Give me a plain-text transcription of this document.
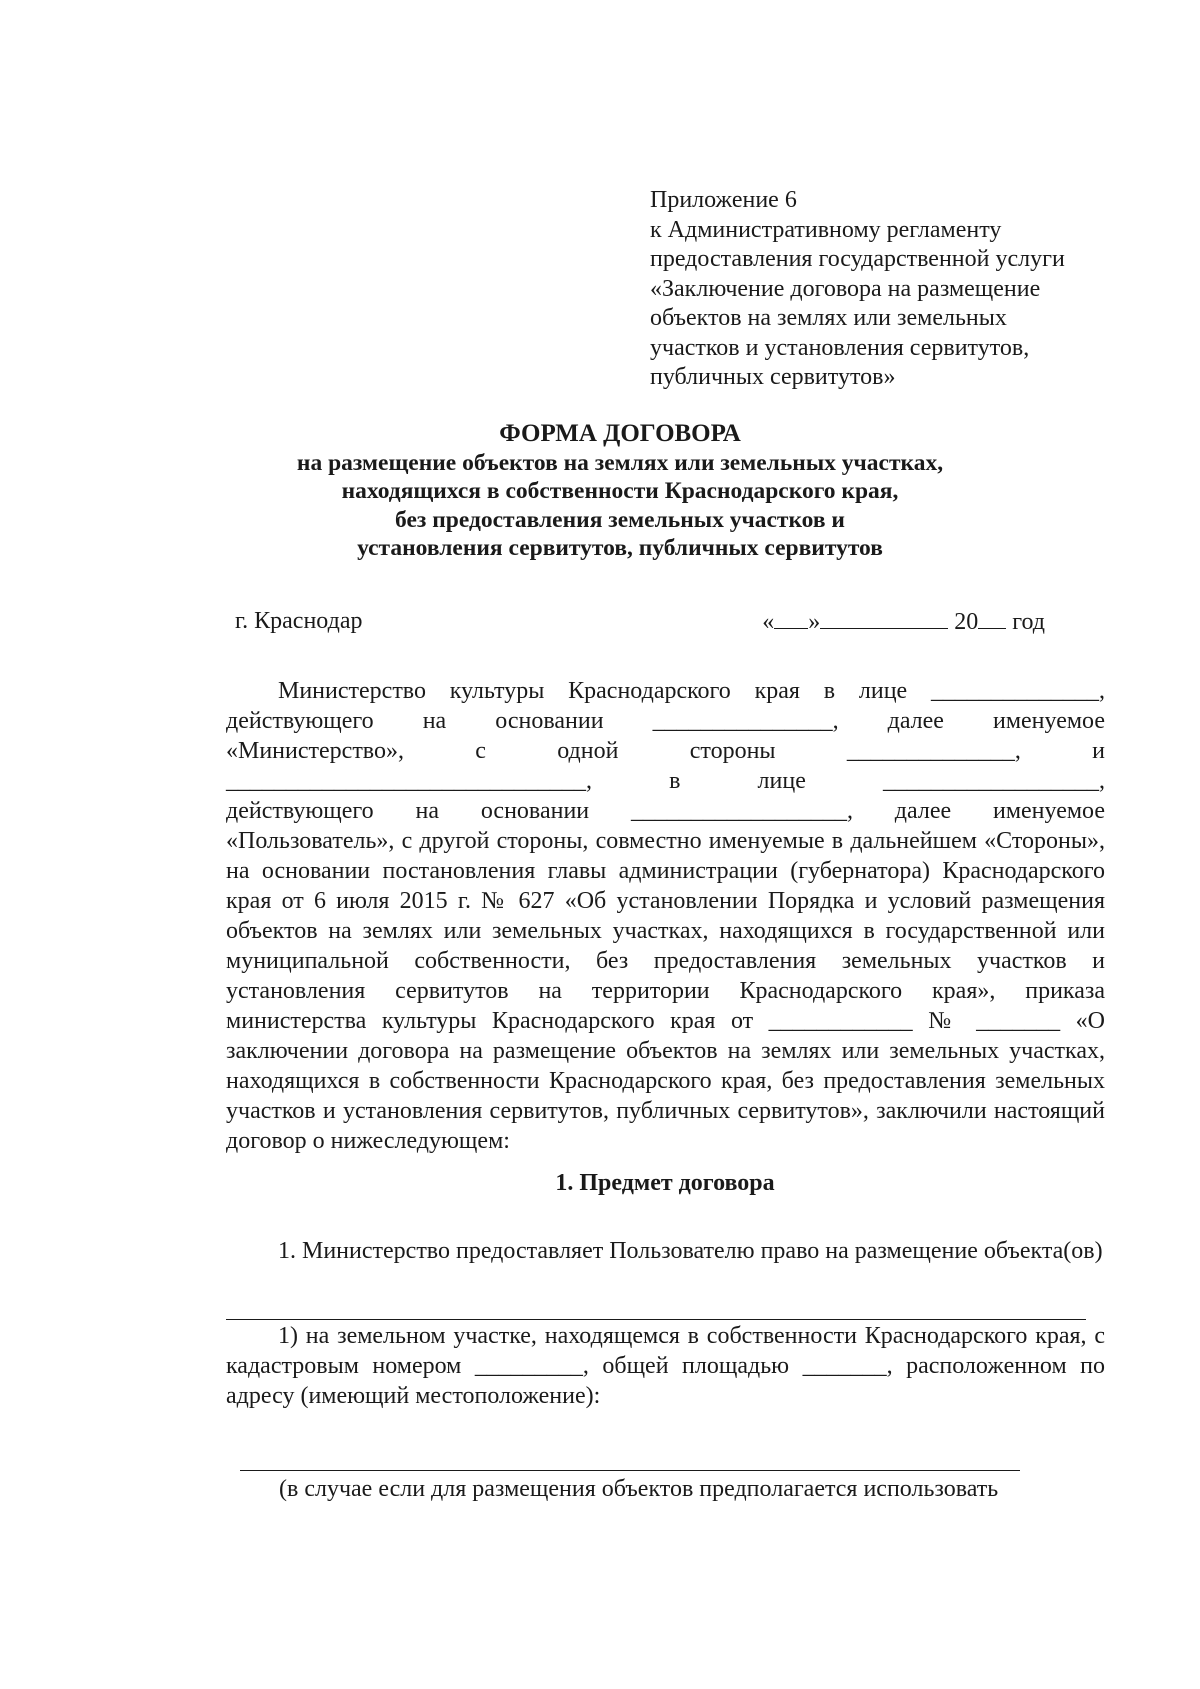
Приложение 6
к Административному регламенту
предоставления государственной услуги
«Заключение договора на размещение
объектов на землях или земельных
участков и установления сервитутов,
публичных сервитутов»
ФОРМА ДОГОВОРА
на размещение объектов на землях или земельных участках,
находящихся в собственности Краснодарского края,
без предоставления земельных участков и
установления сервитутов, публичных сервитутов
г. Краснодар	« »	20 год
Министерство культуры Краснодарского края в лице ______________,
действующего на основании _______________, далее именуемое
«Министерство», с одной стороны ______________, и
______________________________, в лице __________________,
действующего на основании __________________, далее именуемое

«Пользователь», с другой стороны, совместно именуемые в дальнейшем «Стороны», на основании постановления главы администрации (губернатора) Краснодарского края от 6 июля 2015 г. № 627 «Об установлении Порядка и условий размещения объектов на землях или земельных участках, находящихся в государственной или муниципальной собственности, без предоставления земельных участков и установления сервитутов на территории Краснодарского края», приказа министерства культуры Краснодарского края от ____________ № _______ «О заключении договора на размещение объектов на землях или земельных участках, находящихся в собственности Краснодарского края, без предоставления земельных участков и установления сервитутов, публичных сервитутов», заключили настоящий договор о нижеследующем:

1. Предмет договора

1. Министерство предоставляет Пользователю право на размещение объекта(ов)

1) на земельном участке, находящемся в собственности Краснодарского края, с кадастровым номером _________, общей площадью _______, расположенном по адресу (имеющий местоположение):

(в случае если для размещения объектов предполагается использовать
